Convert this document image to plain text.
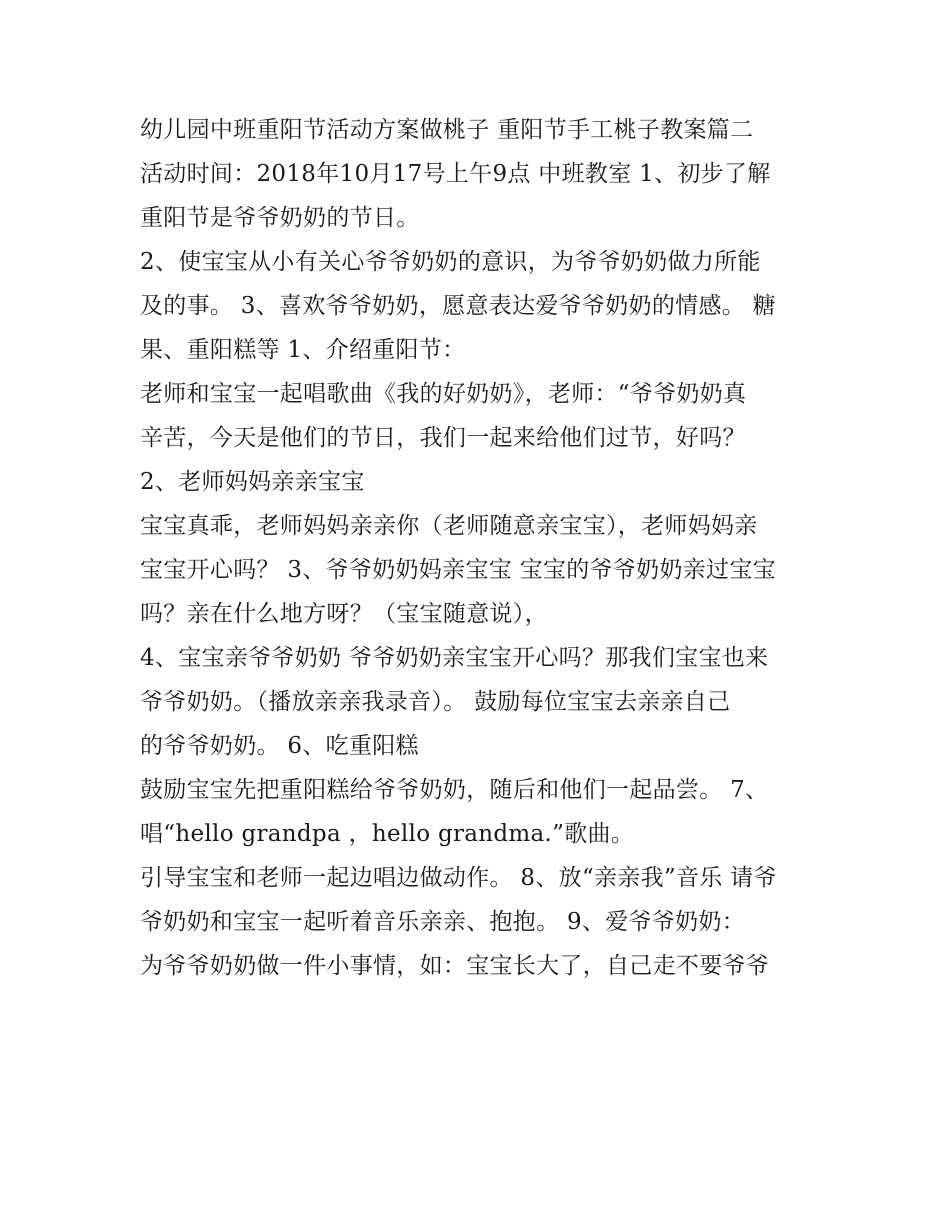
幼儿园中班重阳节活动方案做桃子 重阳节手工桃子教案篇二
活动时间：2018年10月17号上午9点 中班教室 1、初步了解
重阳节是爷爷奶奶的节日。
2、使宝宝从小有关心爷爷奶奶的意识，为爷爷奶奶做力所能
及的事。 3、喜欢爷爷奶奶，愿意表达爱爷爷奶奶的情感。 糖
果、重阳糕等 1、介绍重阳节：
老师和宝宝一起唱歌曲《我的好奶奶》，老师：“爷爷奶奶真
辛苦，今天是他们的节日，我们一起来给他们过节，好吗？
2、老师妈妈亲亲宝宝
宝宝真乖，老师妈妈亲亲你（老师随意亲宝宝），老师妈妈亲
宝宝开心吗？ 3、爷爷奶奶妈亲宝宝 宝宝的爷爷奶奶亲过宝宝
吗？亲在什么地方呀？（宝宝随意说），
4、宝宝亲爷爷奶奶 爷爷奶奶亲宝宝开心吗？那我们宝宝也来
爷爷奶奶。（播放亲亲我录音）。 鼓励每位宝宝去亲亲自己
的爷爷奶奶。 6、吃重阳糕
鼓励宝宝先把重阳糕给爷爷奶奶，随后和他们一起品尝。 7、
唱“hello grandpa ，hello grandma.”歌曲。
引导宝宝和老师一起边唱边做动作。 8、放“亲亲我”音乐 请爷
爷奶奶和宝宝一起听着音乐亲亲、抱抱。 9、爱爷爷奶奶：
为爷爷奶奶做一件小事情，如：宝宝长大了，自己走不要爷爷
